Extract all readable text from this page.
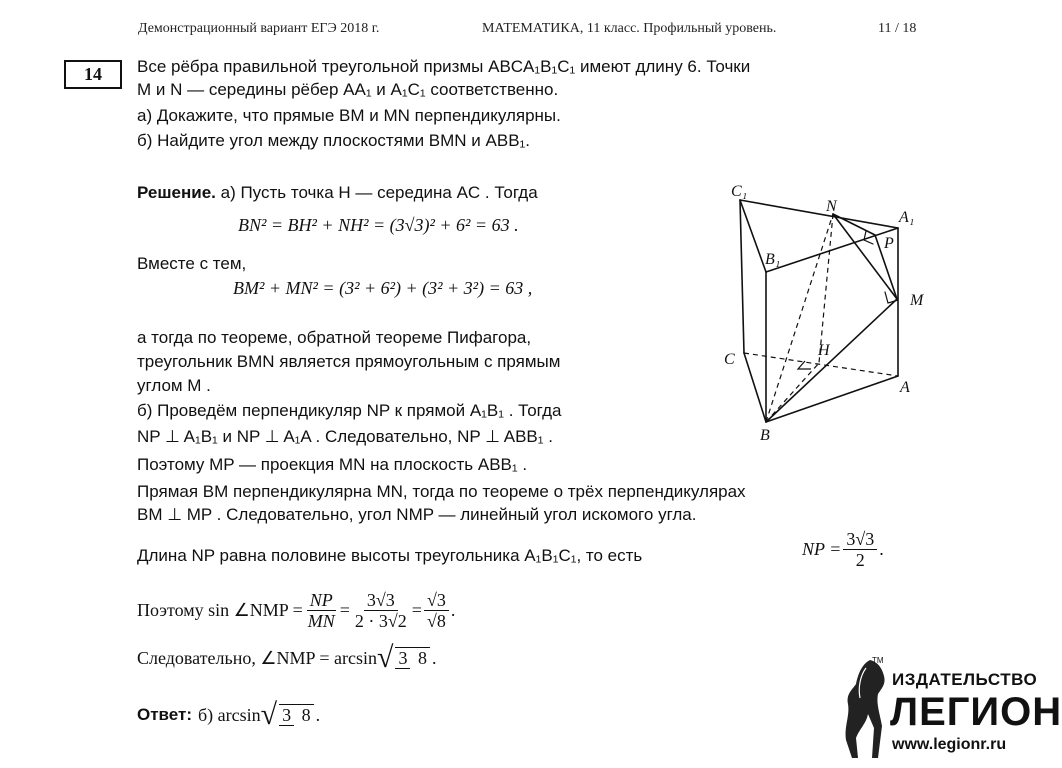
Демонстрационный вариант ЕГЭ 2018 г.	МАТЕМАТИКА, 11 класс. Профильный уровень.	11 / 18
14	Все рёбра правильной треугольной призмы ABCA₁B₁C₁ имеют длину 6. Точки
M и N — середины рёбер AA₁ и A₁C₁ соответственно.
а) Докажите, что прямые BM и MN перпендикулярны.
б) Найдите угол между плоскостями BMN и ABB₁.
Решение. а) Пусть точка H — середина AC . Тогда
BN² = BH² + NH² = (3√3)² + 6² = 63 .
Вместе с тем,
BM² + MN² = (3² + 6²) + (3² + 3²) = 63 ,
а тогда по теореме, обратной теореме Пифагора,
треугольник BMN является прямоугольным с прямым
углом M .
б) Проведём перпендикуляр NP к прямой A₁B₁ . Тогда
NP ⊥ A₁B₁ и NP ⊥ A₁A . Следовательно, NP ⊥ ABB₁ .
Поэтому MP — проекция MN на плоскость ABB₁ .
Прямая BM перпендикулярна MN, тогда по теореме о трёх перпендикулярах
BM ⊥ MP . Следовательно, угол NMP — линейный угол искомого угла.
Длина NP равна половине высоты треугольника A₁B₁C₁, то есть	NP = $\frac{3√3}{2}$ .
Поэтому sin ∠NMP = $\frac{NP}{MN} = \frac{3√3}{2 \cdot 3√2} = \frac{√3}{√8}$ .
Следовательно, ∠NMP = arcsin √ 3 8 .
Ответ: б) arcsin √ 3 8 .
C₁
N
A₁
B₁
P
M
C
H
A
B
TM
ИЗДАТЕЛЬСТВО
ЛЕГИОН
www.legionr.ru
